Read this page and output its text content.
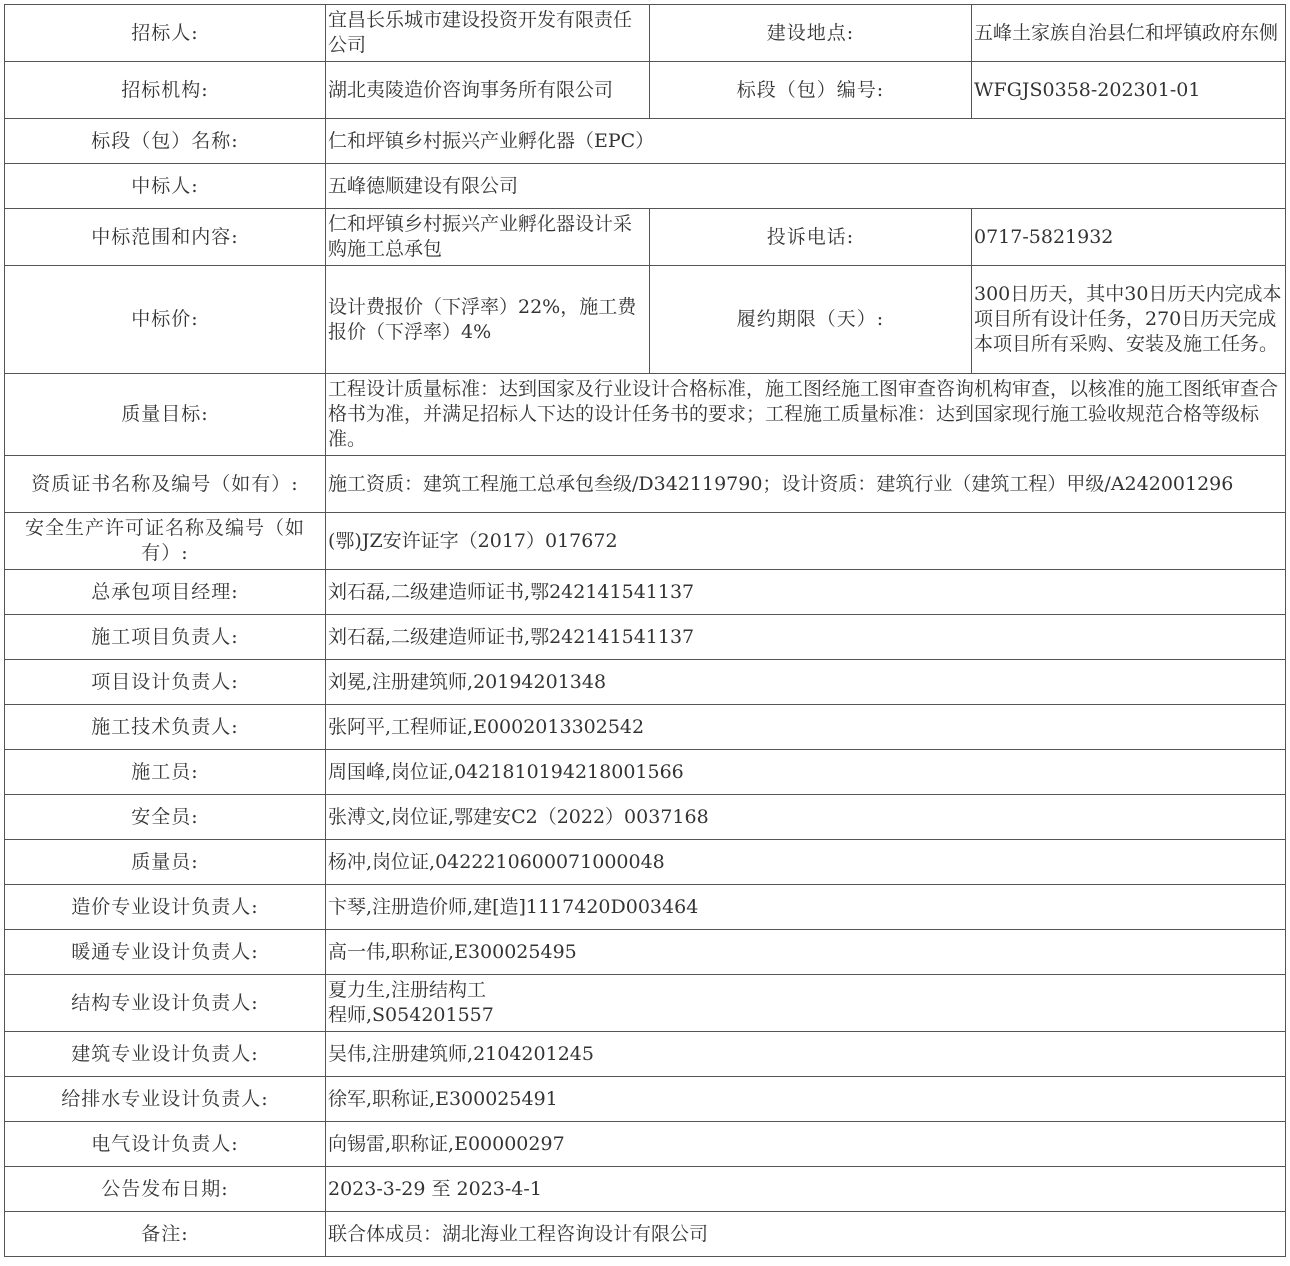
招标人:	宜昌长乐城市建设投资开发有限责任公司	建设地点:	五峰土家族自治县仁和坪镇政府东侧
招标机构:	湖北夷陵造价咨询事务所有限公司	标段（包）编号:	WFGJS0358-202301-01
标段（包）名称:	仁和坪镇乡村振兴产业孵化器（EPC）		
中标人:	五峰德顺建设有限公司		
中标范围和内容:	仁和坪镇乡村振兴产业孵化器设计采购施工总承包	投诉电话:	0717-5821932
中标价:	设计费报价（下浮率）22%，施工费报价（下浮率）4%	履约期限（天）:	300日历天，其中30日历天内完成本项目所有设计任务，270日历天完成本项目所有采购、安装及施工任务。
质量目标:	工程设计质量标准：达到国家及行业设计合格标准，施工图经施工图审查咨询机构审查，以核准的施工图纸审查合格书为准，并满足招标人下达的设计任务书的要求；工程施工质量标准：达到国家现行施工验收规范合格等级标准。		
资质证书名称及编号（如有）:	施工资质：建筑工程施工总承包叁级/D342119790；设计资质：建筑行业（建筑工程）甲级/A242001296		
安全生产许可证名称及编号（如有）:	(鄂)JZ安许证字（2017）017672		
总承包项目经理:	刘石磊,二级建造师证书,鄂242141541137		
施工项目负责人:	刘石磊,二级建造师证书,鄂242141541137		
项目设计负责人:	刘冕,注册建筑师,20194201348		
施工技术负责人:	张阿平,工程师证,E0002013302542		
施工员:	周国峰,岗位证,0421810194218001566		
安全员:	张溥文,岗位证,鄂建安C2（2022）0037168		
质量员:	杨冲,岗位证,0422210600071000048		
造价专业设计负责人:	卞琴,注册造价师,建[造]1117420D003464		
暖通专业设计负责人:	高一伟,职称证,E300025495		
结构专业设计负责人:	夏力生,注册结构工
程师,S054201557		
建筑专业设计负责人:	吴伟,注册建筑师,2104201245		
给排水专业设计负责人:	徐军,职称证,E300025491		
电气设计负责人:	向锡雷,职称证,E00000297		
公告发布日期:	2023-3-29 至 2023-4-1		
备注:	联合体成员：湖北海业工程咨询设计有限公司		
